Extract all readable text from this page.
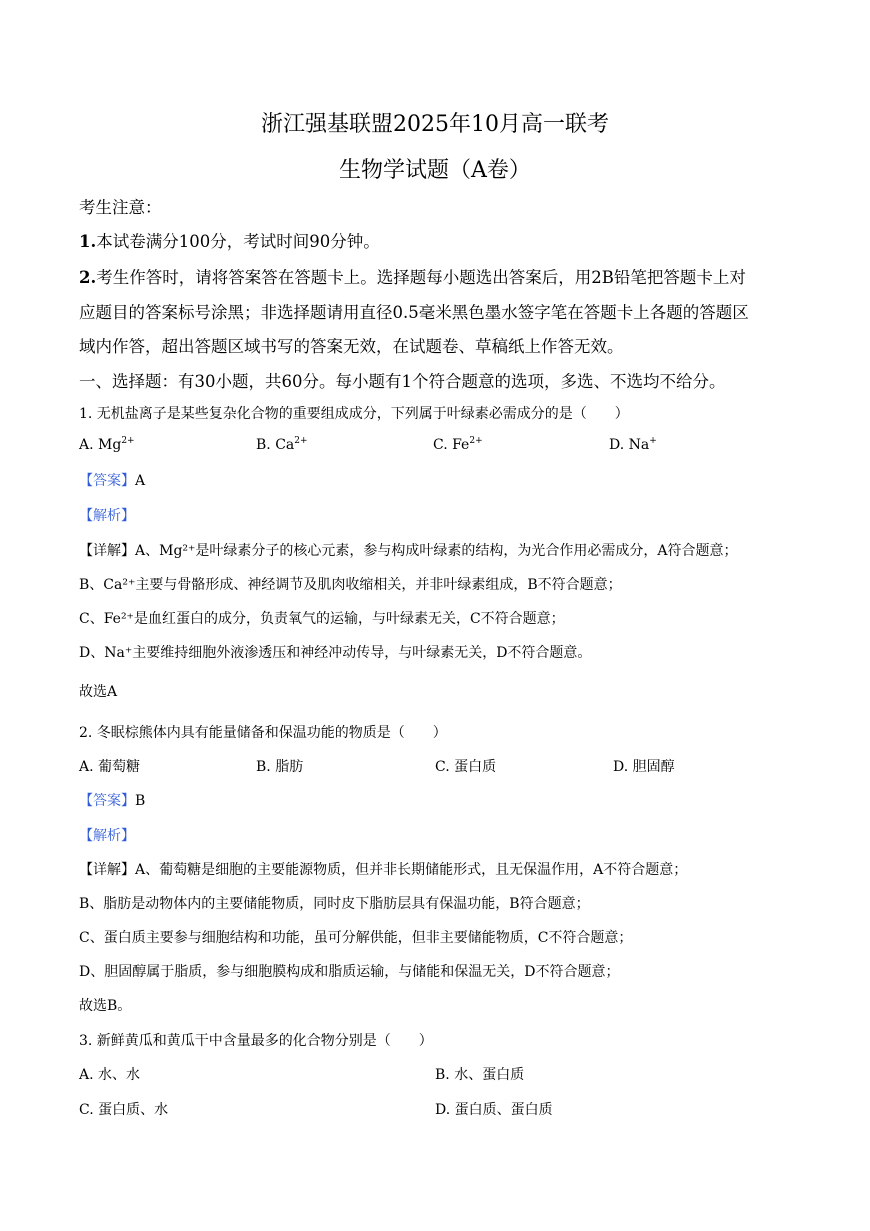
浙江强基联盟2025年10月高一联考
生物学试题（A卷）
考生注意：
1.本试卷满分100分，考试时间90分钟。
2.考生作答时，请将答案答在答题卡上。选择题每小题选出答案后，用2B铅笔把答题卡上对
应题目的答案标号涂黑；非选择题请用直径0.5毫米黑色墨水签字笔在答题卡上各题的答题区
域内作答，超出答题区域书写的答案无效，在试题卷、草稿纸上作答无效。
一、选择题：有30小题，共60分。每小题有1个符合题意的选项，多选、不选均不给分。
1. 无机盐离子是某些复杂化合物的重要组成成分，下列属于叶绿素必需成分的是（　　）
A. $Mg^{2+}$	B. $Ca^{2+}$	C. $Fe^{2+}$	D. Na+
【答案】A
【解析】
【详解】A、Mg²⁺是叶绿素分子的核心元素，参与构成叶绿素的结构，为光合作用必需成分，A符合题意；
B、Ca²⁺主要与骨骼形成、神经调节及肌肉收缩相关，并非叶绿素组成，B不符合题意；
C、Fe²⁺是血红蛋白的成分，负责氧气的运输，与叶绿素无关，C不符合题意；
D、Na⁺主要维持细胞外液渗透压和神经冲动传导，与叶绿素无关，D不符合题意。
故选A
2. 冬眠棕熊体内具有能量储备和保温功能的物质是（　　）
A. 葡萄糖	B. 脂肪	C. 蛋白质	D. 胆固醇
【答案】B
【解析】
【详解】A、葡萄糖是细胞的主要能源物质，但并非长期储能形式，且无保温作用，A不符合题意；
B、脂肪是动物体内的主要储能物质，同时皮下脂肪层具有保温功能，B符合题意；
C、蛋白质主要参与细胞结构和功能，虽可分解供能，但非主要储能物质，C不符合题意；
D、胆固醇属于脂质，参与细胞膜构成和脂质运输，与储能和保温无关，D不符合题意；
故选B。
3. 新鲜黄瓜和黄瓜干中含量最多的化合物分别是（　　）
A. 水、水	B. 水、蛋白质
C. 蛋白质、水	D. 蛋白质、蛋白质
